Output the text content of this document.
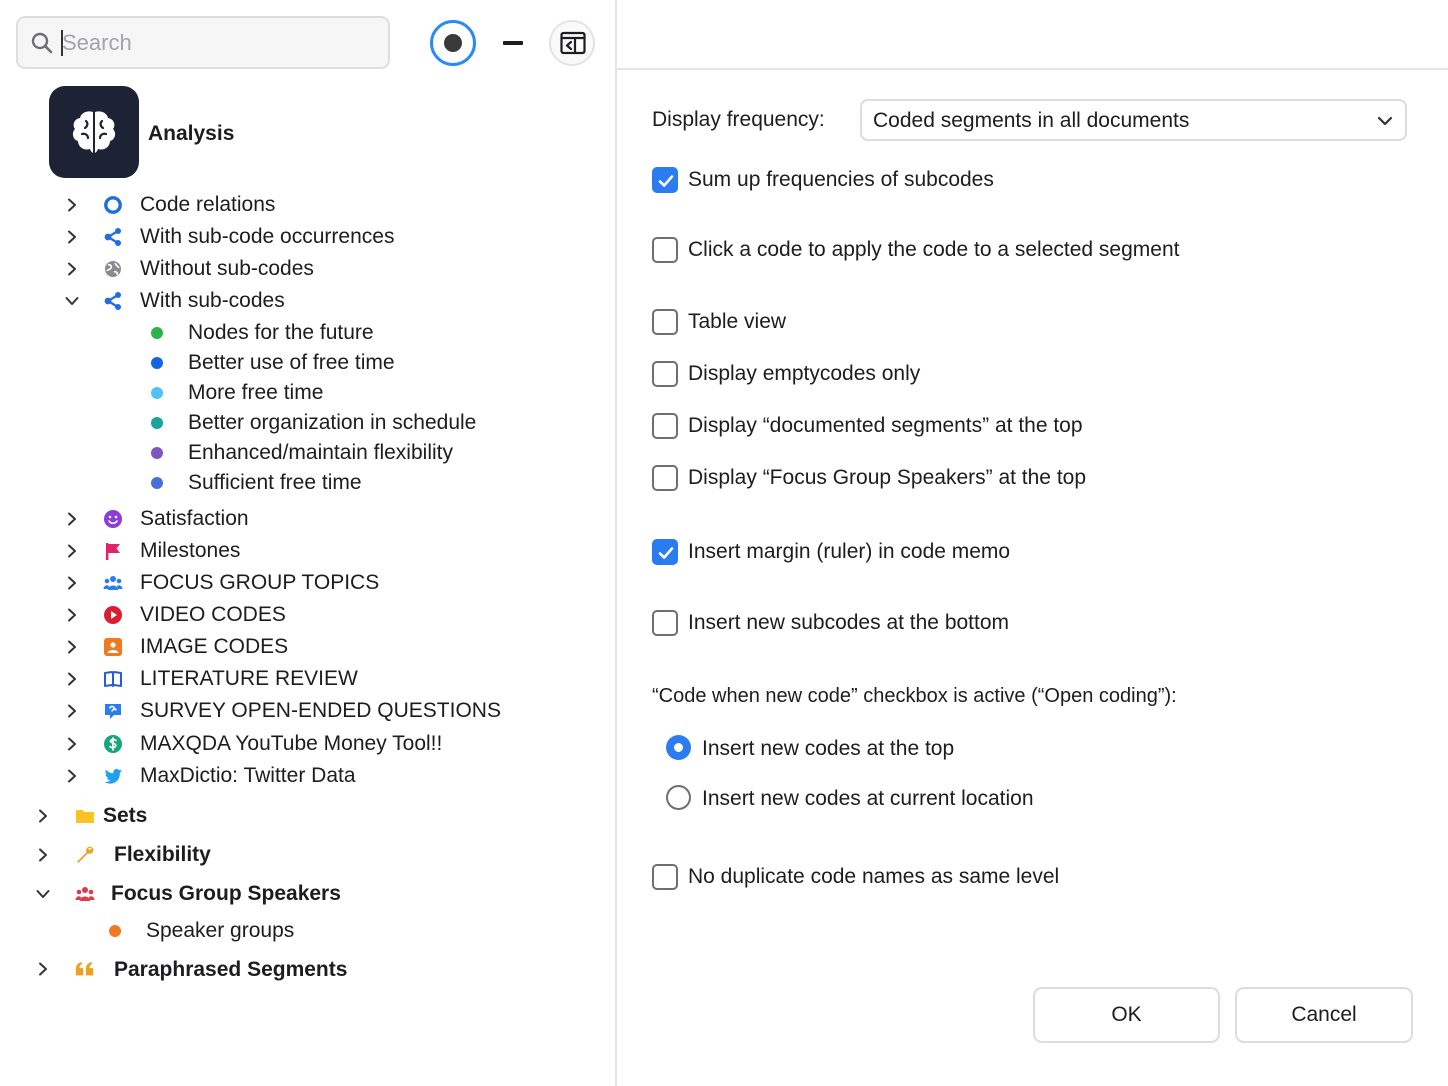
Search
Analysis
Code relations
With sub-code occurrences
Without sub-codes
With sub-codes
Nodes for the future
Better use of free time
More free time
Better organization in schedule
Enhanced/maintain flexibility
Sufficient free time
Satisfaction
Milestones
FOCUS GROUP TOPICS
VIDEO CODES
IMAGE CODES
LITERATURE REVIEW
SURVEY OPEN-ENDED QUESTIONS
MAXQDA YouTube Money Tool!!
MaxDictio: Twitter Data
Sets
Flexibility
Focus Group Speakers
Speaker groups
Paraphrased Segments
Display frequency: Coded segments in all documents
Sum up frequencies of subcodes
Click a code to apply the code to a selected segment
Table view
Display emptycodes only
Display “documented segments” at the top
Display “Focus Group Speakers” at the top
Insert margin (ruler) in code memo
Insert new subcodes at the bottom
“Code when new code” checkbox is active (“Open coding”):
Insert new codes at the top
Insert new codes at current location
No duplicate code names as same level
OK	Cancel
